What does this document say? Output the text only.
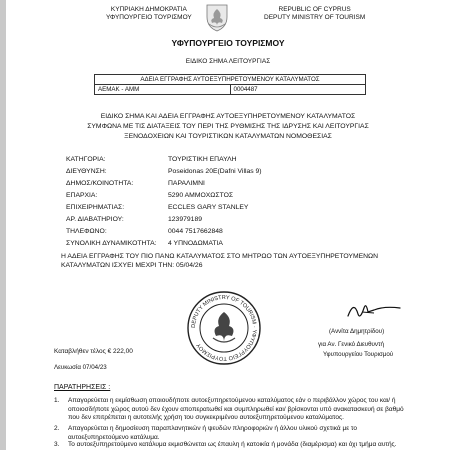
ΚΥΠΡΙΑΚΗ ΔΗΜΟΚΡΑΤΙΑ
ΥΦΥΠΟΥΡΓΕΙΟ ΤΟΥΡΙΣΜΟΥ
REPUBLIC OF CYPRUS
DEPUTY MINISTRY OF TOURISM
ΥΦΥΠΟΥΡΓΕΙΟ ΤΟΥΡΙΣΜΟΥ
ΕΙΔΙΚΟ ΣΗΜΑ ΛΕΙΤΟΥΡΓΙΑΣ
ΑΔΕΙΑ ΕΓΓΡΑΦΗΣ ΑΥΤΟΕΞΥΠΗΡΕΤΟΥΜΕΝΟΥ ΚΑΤΑΛΥΜΑΤΟΣ
ΑΕΜΑΚ - ΑΜΜ	0004487
ΕΙΔΙΚΟ ΣΗΜΑ ΚΑΙ ΑΔΕΙΑ ΕΓΓΡΑΦΗΣ ΑΥΤΟΕΞΥΠΗΡΕΤΟΥΜΕΝΟΥ ΚΑΤΑΛΥΜΑΤΟΣ
ΣΥΜΦΩΝΑ ΜΕ ΤΙΣ ΔΙΑΤΑΞΕΙΣ ΤΟΥ ΠΕΡΙ ΤΗΣ ΡΥΘΜΙΣΗΣ ΤΗΣ ΙΔΡΥΣΗΣ ΚΑΙ ΛΕΙΤΟΥΡΓΙΑΣ
ΞΕΝΟΔΟΧΕΙΩΝ ΚΑΙ ΤΟΥΡΙΣΤΙΚΩΝ ΚΑΤΑΛΥΜΑΤΩΝ ΝΟΜΟΘΕΣΙΑΣ
ΚΑΤΗΓΟΡΙΑ:	ΤΟΥΡΙΣΤΙΚΗ ΕΠΑΥΛΗ
ΔΙΕΥΘΥΝΣΗ:	Poseidonas 20E(Dafni Villas 9)
ΔΗΜΟΣ/ΚΟΙΝΟΤΗΤΑ:	ΠΑΡΑΛΙΜΝΙ
ΕΠΑΡΧΙΑ:	5290 ΑΜΜΟΧΩΣΤΟΣ
ΕΠΙΧΕΙΡΗΜΑΤΙΑΣ:	ECCLES GARY STANLEY
ΑΡ. ΔΙΑΒΑΤΗΡΙΟΥ:	123979189
ΤΗΛΕΦΩΝΟ:	0044 7517662848
ΣΥΝΟΛΙΚΗ ΔΥΝΑΜΙΚΟΤΗΤΑ: 4 ΥΠΝΟΔΩΜΑΤΙΑ
Η ΑΔΕΙΑ ΕΓΓΡΑΦΗΣ ΤΟΥ ΠΙΟ ΠΑΝΩ ΚΑΤΑΛΥΜΑΤΟΣ ΣΤΟ ΜΗΤΡΩΟ ΤΩΝ ΑΥΤΟΕΞΥΠΗΡΕΤΟΥΜΕΝΩΝ
ΚΑΤΑΛΥΜΑΤΩΝ ΙΣΧΥΕΙ ΜΕΧΡΙ ΤΗΝ: 05/04/26
DEPUTY MINISTRY OF TOURISM · ΥΦΥΠΟΥΡΓΕΙΟ ΤΟΥΡΙΣΜΟΥ
(Αννίτα Δημητρiδου)
για Αν. Γενικό Διευθυντή
Υφυπουργείου Τουρισμού
Καταβλήθεν τέλος € 222,00
Λευκωσία 07/04/23
ΠΑΡΑΤΗΡΗΣΕΙΣ :
1. Απαγορεύεται η εκμίσθωση οποιουδήποτε αυτοεξυπηρετούμενου καταλύματος εάν ο περιβάλλον χώρος του και/ ή οποιοσδήποτε χώρος αυτού δεν έχουν αποπερατωθεί και συμπληρωθεί και/ βρίσκονται υπό ανακατασκευή σε βαθμό που δεν επιτρέπεται η αυτοτελής χρήση του συγκεκριμένου αυτοεξυπηρετούμενου καταλύματος.
2. Απαγορεύεται η δημοσίευση παραπλανητικών ή ψευδών πληροφοριών ή άλλου υλικού σχετικά με το αυτοεξυπηρετούμενο κατάλυμα.
3. Το αυτοεξυπηρετούμενο κατάλυμα εκμισθώνεται ως έπαυλη ή κατοικία ή μονάδα (διαμέρισμα) και όχι τμήμα αυτής.
